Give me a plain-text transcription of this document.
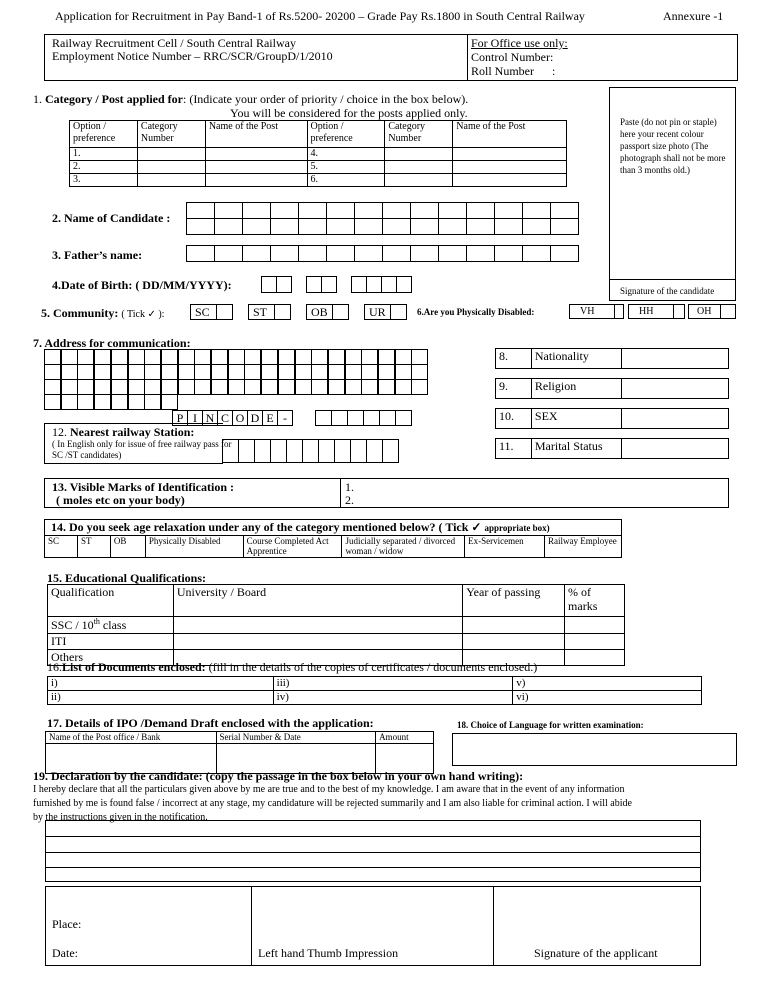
Application for Recruitment in Pay Band-1 of Rs.5200- 20200 – Grade Pay Rs.1800 in South Central Railway	Annexure -1
Railway Recruitment Cell / South Central Railway
Employment Notice Number – RRC/SCR/GroupD/1/2010
For Office use only:
Control Number:
Roll Number      :
Paste (do not pin or staple) here your recent colour passport size photo (The photograph shall not be more than 3 months old.)
Signature of the candidate
1. Category / Post applied for: (Indicate your order of priority / choice in the box below).
You will be considered for the posts applied only.
Option / preference	Category Number	Name of the Post	Option / preference	Category Number	Name of the Post
1.			4.		
2.			5.		
3.			6.		
2. Name of Candidate :
3. Father’s name:
4.Date of Birth: ( DD/MM/YYYY):
5. Community: ( Tick ✓ ):	SC	ST	OB	UR	6.Are you Physically Disabled:	VH	HH	OH
7. Address for communication:
P I N C O D E -
12. Nearest railway Station:
( In English only for issue of free railway pass for SC /ST candidates)
8.	Nationality	

9.	Religion	

10.	SEX	

11.	Marital Status	
13. Visible Marks of Identification :
( moles etc on your body)
1.
2.
14. Do you seek age relaxation under any of the category mentioned below? ( Tick ✓ appropriate box)
SC	ST	OB	Physically Disabled	Course Completed Act Apprentice	Judicially separated / divorced woman / widow	Ex-Servicemen	Railway Employee
15. Educational Qualifications:
Qualification	University / Board	Year of passing	% of marks
SSC / 10th class			
ITI			
Others			
16.List of Documents enclosed: (fill in the details of the copies of certificates / documents enclosed.)
i)	iii)	v)
ii)	iv)	vi)
17. Details of IPO /Demand Draft enclosed with the application:
Name of the Post office / Bank	Serial Number & Date	Amount

18. Choice of Language for written examination:
19. Declaration by the candidate: (copy the passage in the box below in your own hand writing):
I hereby declare that all the particulars given above by me are true and to the best of my knowledge. I am aware that in the event of any information
furnished by me is found false / incorrect at any stage, my candidature will be rejected summarily and I am also liable for criminal action. I will abide
by the instructions given in the notification.
Place:
Date:	Left hand Thumb Impression	Signature of the applicant
